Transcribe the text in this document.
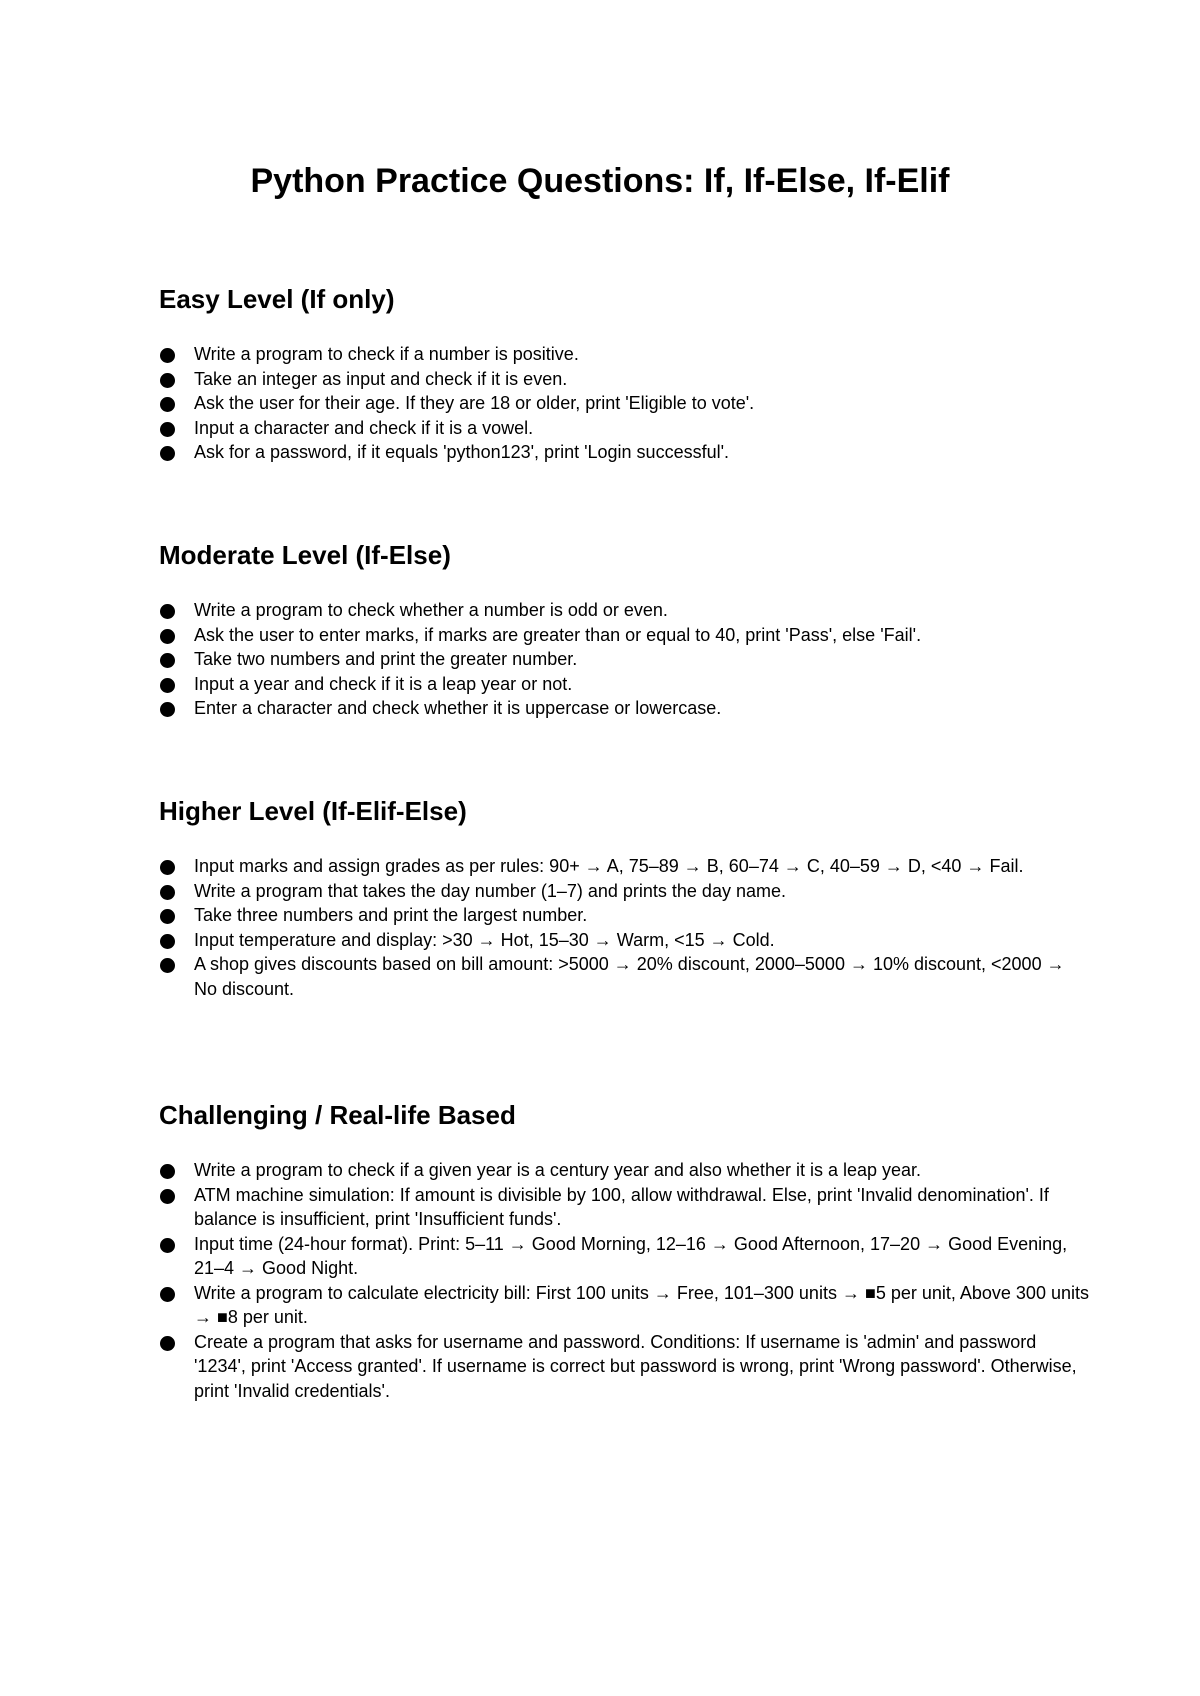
Python Practice Questions: If, If-Else, If-Elif
Easy Level (If only)
Write a program to check if a number is positive.
Take an integer as input and check if it is even.
Ask the user for their age. If they are 18 or older, print 'Eligible to vote'.
Input a character and check if it is a vowel.
Ask for a password, if it equals 'python123', print 'Login successful'.
Moderate Level (If-Else)
Write a program to check whether a number is odd or even.
Ask the user to enter marks, if marks are greater than or equal to 40, print 'Pass', else 'Fail'.
Take two numbers and print the greater number.
Input a year and check if it is a leap year or not.
Enter a character and check whether it is uppercase or lowercase.
Higher Level (If-Elif-Else)
Input marks and assign grades as per rules: 90+ → A, 75–89 → B, 60–74 → C, 40–59 → D, <40 → Fail.
Write a program that takes the day number (1–7) and prints the day name.
Take three numbers and print the largest number.
Input temperature and display: >30 → Hot, 15–30 → Warm, <15 → Cold.
A shop gives discounts based on bill amount: >5000 → 20% discount, 2000–5000 → 10% discount, <2000 → No discount.
Challenging / Real-life Based
Write a program to check if a given year is a century year and also whether it is a leap year.
ATM machine simulation: If amount is divisible by 100, allow withdrawal. Else, print 'Invalid denomination'. If balance is insufficient, print 'Insufficient funds'.
Input time (24-hour format). Print: 5–11 → Good Morning, 12–16 → Good Afternoon, 17–20 → Good Evening, 21–4 → Good Night.
Write a program to calculate electricity bill: First 100 units → Free, 101–300 units → ■5 per unit, Above 300 units → ■8 per unit.
Create a program that asks for username and password. Conditions: If username is 'admin' and password '1234', print 'Access granted'. If username is correct but password is wrong, print 'Wrong password'. Otherwise, print 'Invalid credentials'.
